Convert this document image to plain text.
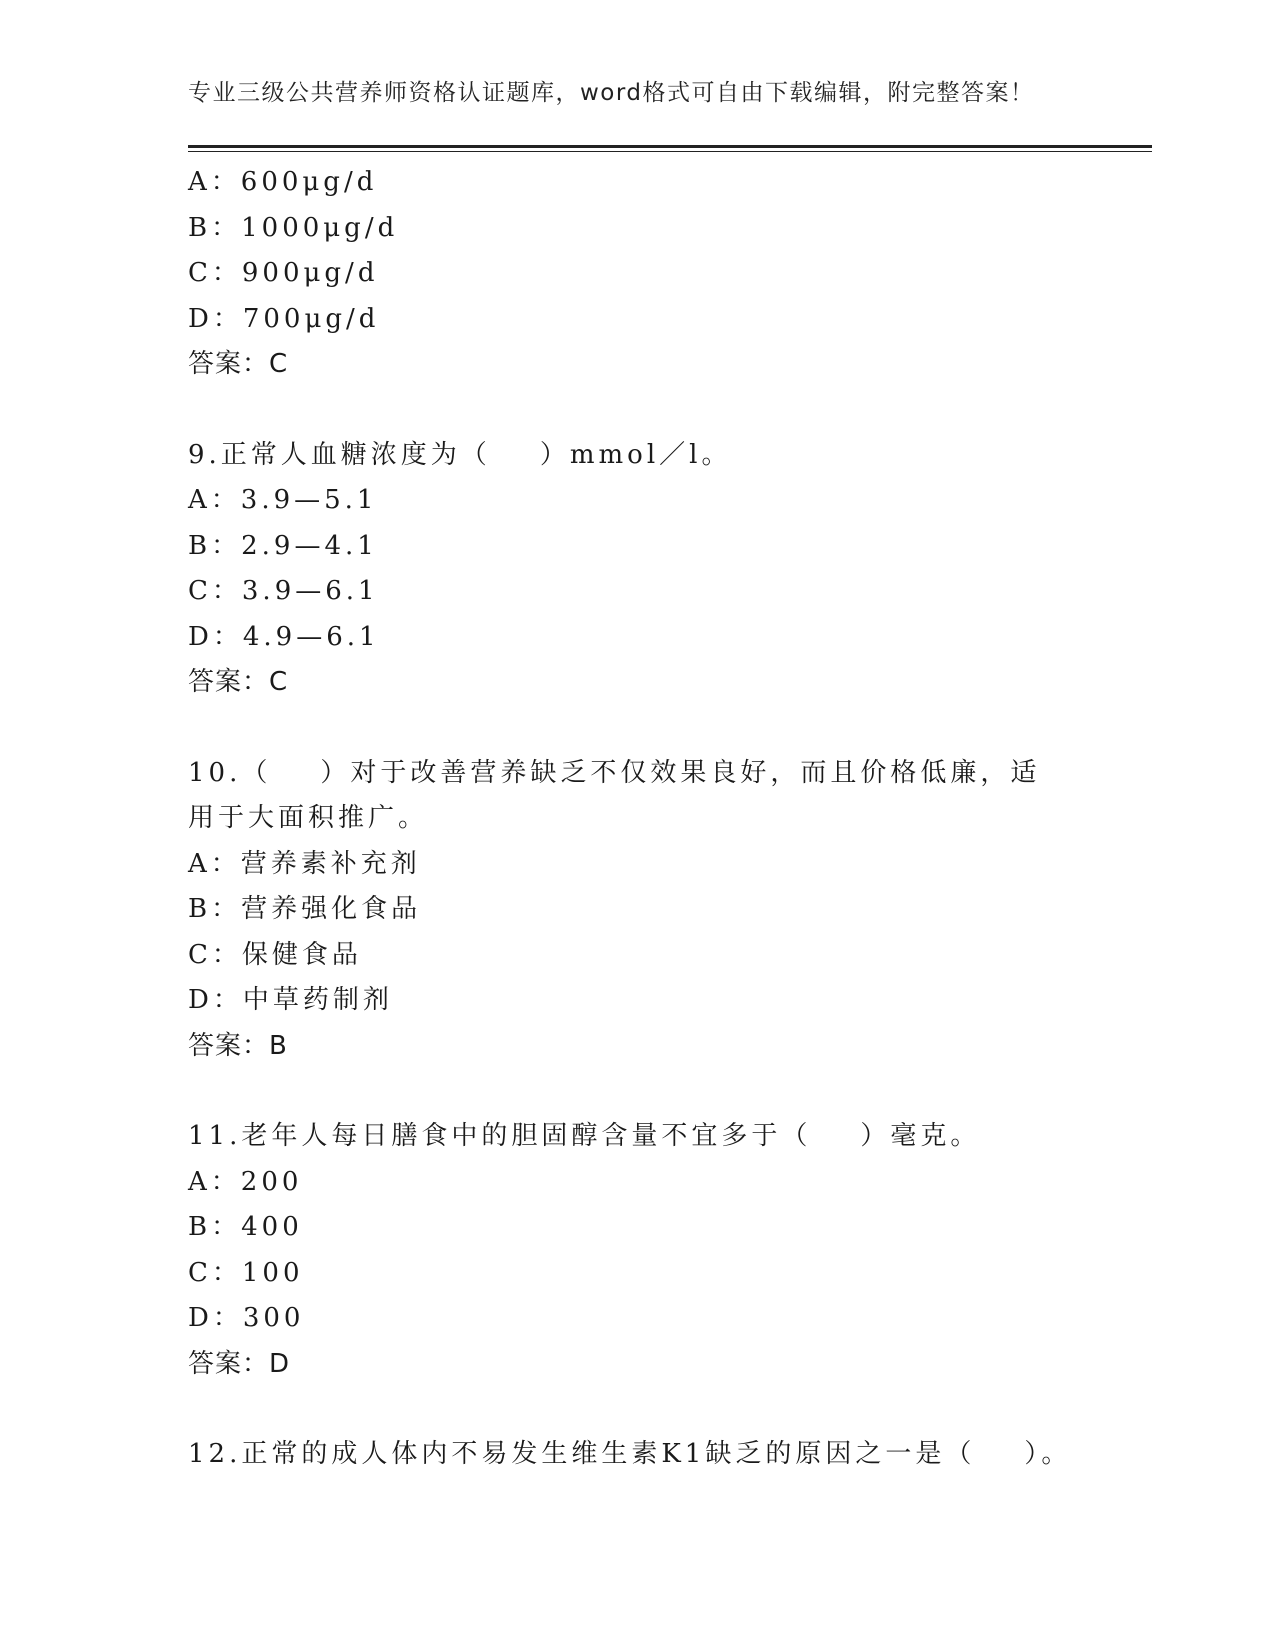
专业三级公共营养师资格认证题库，word格式可自由下载编辑，附完整答案！
A：600μg/d
B：1000μg/d
C：900μg/d
D：700μg/d
答案：C
9.正常人血糖浓度为（    ）mmol／l。
A：3.9—5.1
B：2.9—4.1
C：3.9—6.1
D：4.9—6.1
答案：C
10.（    ）对于改善营养缺乏不仅效果良好，而且价格低廉，适用于大面积推广。
A：营养素补充剂
B：营养强化食品
C：保健食品
D：中草药制剂
答案：B
11.老年人每日膳食中的胆固醇含量不宜多于（    ）毫克。
A：200
B：400
C：100
D：300
答案：D
12.正常的成人体内不易发生维生素K1缺乏的原因之一是（    ）。
